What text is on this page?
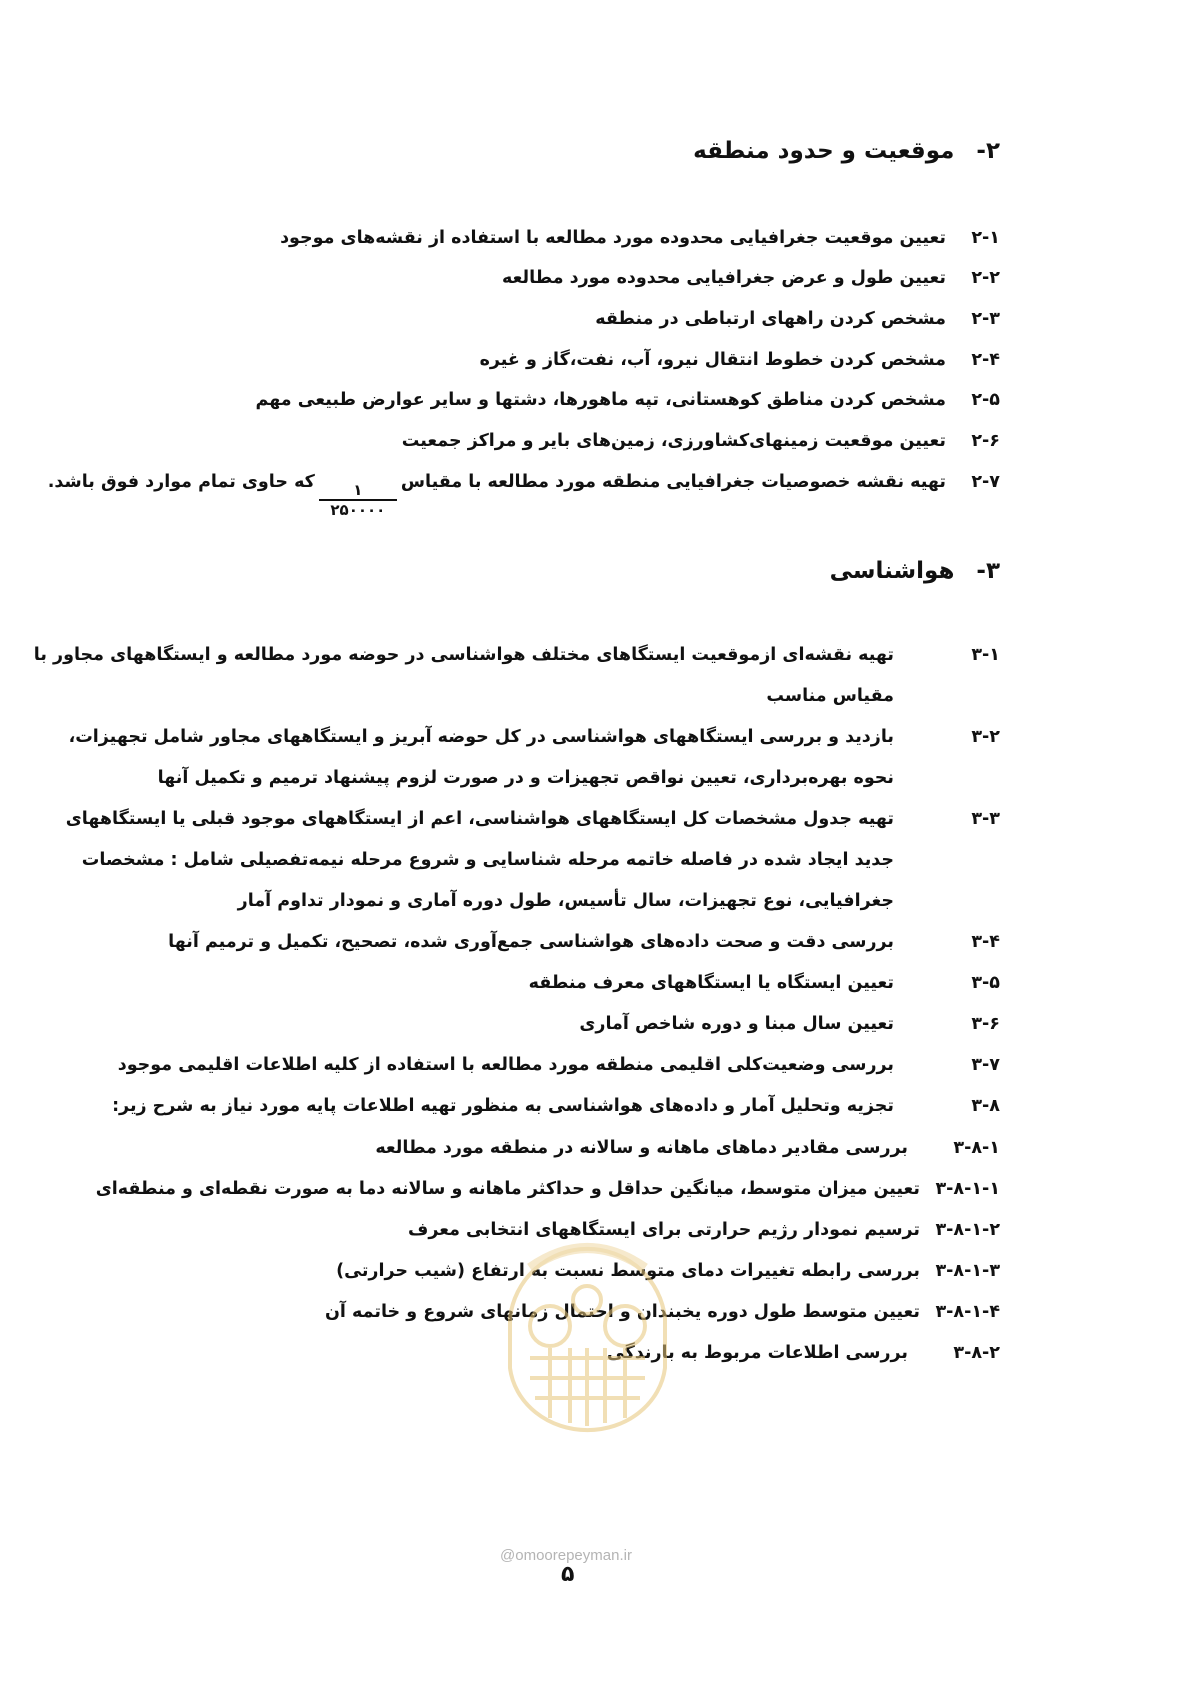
۲-
موقعیت و حدود منطقه
۲-۱
تعیین موقعیت جغرافیایی محدوده مورد مطالعه با استفاده از نقشه‌های موجود
۲-۲
تعیین طول و عرض جغرافیایی محدوده مورد مطالعه
۲-۳
مشخص کردن راههای ارتباطی در منطقه
۲-۴
مشخص کردن خطوط انتقال نیرو، آب، نفت،گاز و غیره
۲-۵
مشخص کردن مناطق کوهستانی، تپه ماهورها، دشتها و سایر عوارض طبیعی مهم
۲-۶
تعیین موقعیت زمینهای‌کشاورزی، زمین‌های بایر و مراکز جمعیت
۲-۷
تهیه نقشه خصوصیات جغرافیایی منطقه مورد مطالعه با مقیاس
$\frac{۱}{۲۵۰۰۰۰}$
که حاوی تمام موارد فوق باشد.
۳-
هواشناسی
۳-۱
تهیه نقشه‌ای ازموقعیت ایستگاهای مختلف هواشناسی در حوضه مورد مطالعه و ایستگاههای مجاور با
مقیاس مناسب
۳-۲
بازدید و بررسی ایستگاههای هواشناسی در کل حوضه آبریز و ایستگاههای مجاور شامل تجهیزات،
نحوه بهره‌برداری، تعیین نواقص تجهیزات و در صورت لزوم پیشنهاد ترمیم و تکمیل آنها
۳-۳
تهیه جدول مشخصات کل ایستگاههای هواشناسی، اعم از ایستگاههای موجود قبلی یا ایستگاههای
جدید ایجاد شده در فاصله خاتمه مرحله شناسایی و شروع مرحله نیمه‌تفصیلی شامل : مشخصات
جغرافیایی، نوع تجهیزات، سال تأسیس، طول دوره آماری و نمودار تداوم آمار
۳-۴
بررسی دقت و صحت داده‌های هواشناسی جمع‌آوری شده، تصحیح، تکمیل و ترمیم آنها
۳-۵
تعیین ایستگاه یا ایستگاههای معرف منطقه
۳-۶
تعیین سال مبنا و دوره شاخص آماری
۳-۷
بررسی وضعیت‌کلی اقلیمی منطقه مورد مطالعه با استفاده از کلیه اطلاعات اقلیمی موجود
۳-۸
تجزیه وتحلیل آمار و داده‌های هواشناسی به منظور تهیه اطلاعات پایه مورد نیاز به شرح زیر:
۳-۸-۱
بررسی مقادیر دماهای ماهانه و سالانه در منطقه مورد مطالعه
۳-۸-۱-۱
تعیین میزان متوسط، میانگین حداقل و حداکثر ماهانه و سالانه دما به صورت نقطه‌ای و منطقه‌ای
۳-۸-۱-۲
ترسیم نمودار رژیم حرارتی برای ایستگاههای انتخابی معرف
۳-۸-۱-۳
بررسی رابطه تغییرات دمای متوسط نسبت به ارتفاع (شیب حرارتی)
۳-۸-۱-۴
تعیین متوسط طول دوره یخبندان و احتمال زمانهای شروع و خاتمه آن
۳-۸-۲
بررسی اطلاعات مربوط به بارندگی
@omoorepeyman.ir
۵
